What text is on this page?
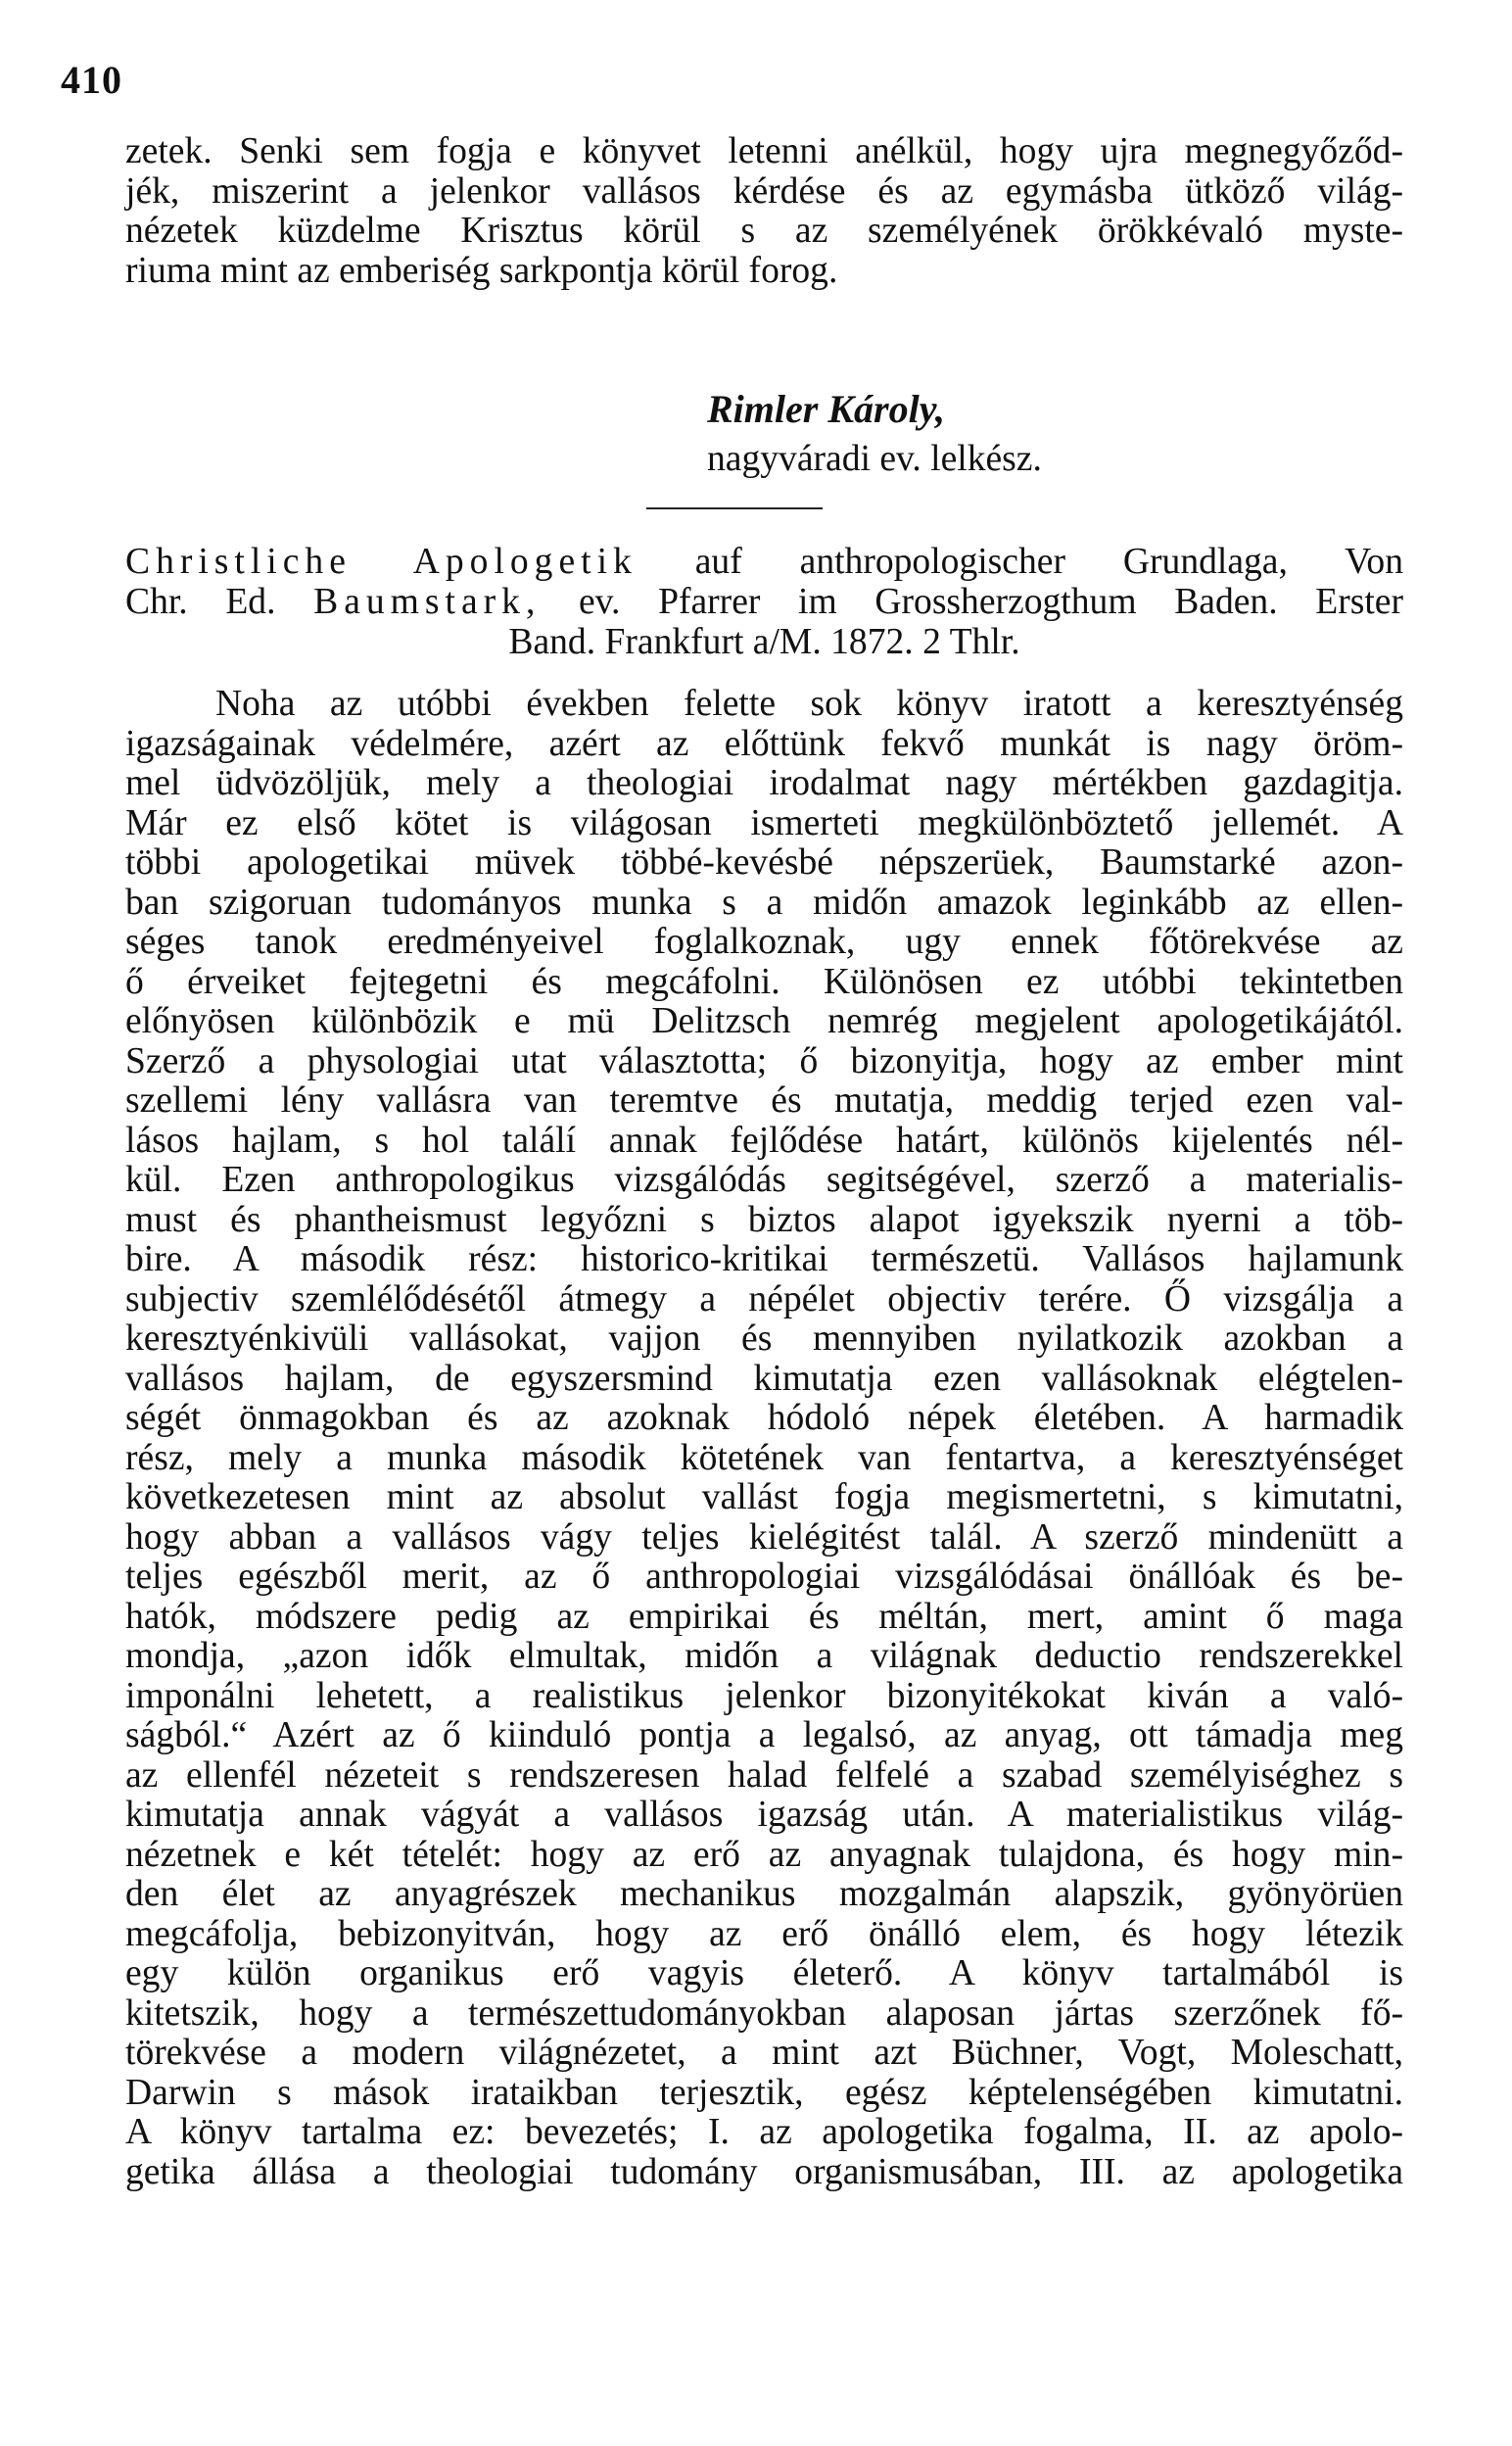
410
zetek. Senki sem fogja e könyvet letenni anélkül, hogy ujra megnegyőződ-
jék, miszerint a jelenkor vallásos kérdése és az egymásba ütköző világ-
nézetek küzdelme Krisztus körül s az személyének örökkévaló myste-
riuma mint az emberiség sarkpontja körül forog.
Rimler Károly,
nagyváradi ev. lelkész.
Christliche Apologetik auf anthropologischer Grundlaga, Von
Chr. Ed. Baumstark, ev. Pfarrer im Grossherzogthum Baden. Erster
Band. Frankfurt a/M. 1872. 2 Thlr.
Noha az utóbbi években felette sok könyv iratott a keresztyénség
igazságainak védelmére, azért az előttünk fekvő munkát is nagy öröm-
mel üdvözöljük, mely a theologiai irodalmat nagy mértékben gazdagitja.
Már ez első kötet is világosan ismerteti megkülönböztető jellemét. A
többi apologetikai müvek többé-kevésbé népszerüek, Baumstarké azon-
ban szigoruan tudományos munka s a midőn amazok leginkább az ellen-
séges tanok eredményeivel foglalkoznak, ugy ennek főtörekvése az
ő érveiket fejtegetni és megcáfolni. Különösen ez utóbbi tekintetben
előnyösen különbözik e mü Delitzsch nemrég megjelent apologetikájától.
Szerző a physologiai utat választotta; ő bizonyitja, hogy az ember mint
szellemi lény vallásra van teremtve és mutatja, meddig terjed ezen val-
lásos hajlam, s hol találí annak fejlődése határt, különös kijelentés nél-
kül. Ezen anthropologikus vizsgálódás segitségével, szerző a materialis-
must és phantheismust legyőzni s biztos alapot igyekszik nyerni a töb-
bire. A második rész: historico-kritikai természetü. Vallásos hajlamunk
subjectiv szemlélődésétől átmegy a népélet objectiv terére. Ő vizsgálja a
keresztyénkivüli vallásokat, vajjon és mennyiben nyilatkozik azokban a
vallásos hajlam, de egyszersmind kimutatja ezen vallásoknak elégtelen-
ségét önmagokban és az azoknak hódoló népek életében. A harmadik
rész, mely a munka második kötetének van fentartva, a keresztyénséget
következetesen mint az absolut vallást fogja megismertetni, s kimutatni,
hogy abban a vallásos vágy teljes kielégitést talál. A szerző mindenütt a
teljes egészből merit, az ő anthropologiai vizsgálódásai önállóak és be-
hatók, módszere pedig az empirikai és méltán, mert, amint ő maga
mondja, „azon idők elmultak, midőn a világnak deductio rendszerekkel
imponálni lehetett, a realistikus jelenkor bizonyitékokat kiván a való-
ságból.“ Azért az ő kiinduló pontja a legalsó, az anyag, ott támadja meg
az ellenfél nézeteit s rendszeresen halad felfelé a szabad személyiséghez s
kimutatja annak vágyát a vallásos igazság után. A materialistikus világ-
nézetnek e két tételét: hogy az erő az anyagnak tulajdona, és hogy min-
den élet az anyagrészek mechanikus mozgalmán alapszik, gyönyörüen
megcáfolja, bebizonyitván, hogy az erő önálló elem, és hogy létezik
egy külön organikus erő vagyis életerő. A könyv tartalmából is
kitetszik, hogy a természettudományokban alaposan jártas szerzőnek fő-
törekvése a modern világnézetet, a mint azt Büchner, Vogt, Moleschatt,
Darwin s mások irataikban terjesztik, egész képtelenségében kimutatni.
A könyv tartalma ez: bevezetés; I. az apologetika fogalma, II. az apolo-
getika állása a theologiai tudomány organismusában, III. az apologetika
